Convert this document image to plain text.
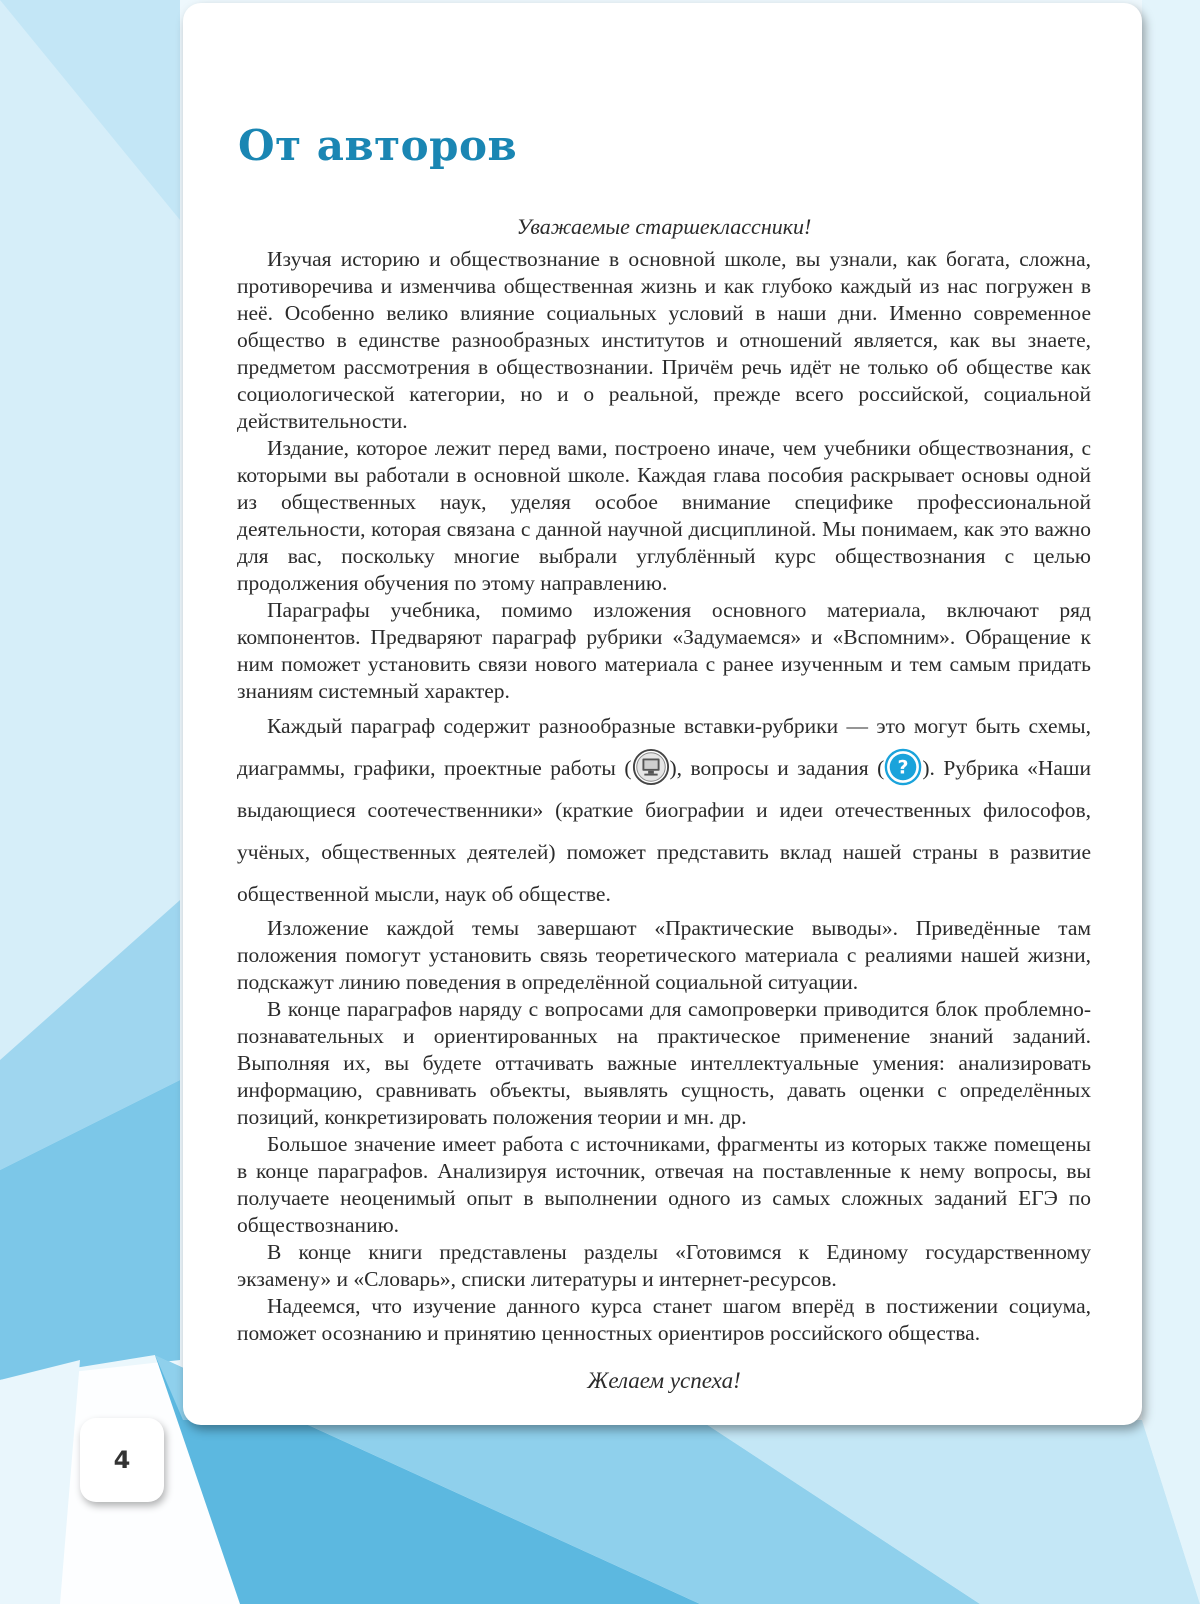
От авторов

Уважаемые старшеклассники!

Изучая историю и обществознание в основной школе, вы узнали, как богата, сложна, противоречива и изменчива общественная жизнь и как глубоко каждый из нас погружен в неё. Особенно велико влияние социальных условий в наши дни. Именно современное общество в единстве разнообразных институтов и отношений является, как вы знаете, предметом рассмотрения в обществознании. Причём речь идёт не только об обществе как социологической категории, но и о реальной, прежде всего российской, социальной действительности.

Издание, которое лежит перед вами, построено иначе, чем учебники обществознания, с которыми вы работали в основной школе. Каждая глава пособия раскрывает основы одной из общественных наук, уделяя особое внимание специфике профессиональной деятельности, которая связана с данной научной дисциплиной. Мы понимаем, как это важно для вас, поскольку многие выбрали углублённый курс обществознания с целью продолжения обучения по этому направлению.

Параграфы учебника, помимо изложения основного материала, включают ряд компонентов. Предваряют параграф рубрики «Задумаемся» и «Вспомним». Обращение к ним поможет установить связи нового материала с ранее изученным и тем самым придать знаниям системный характер.

Каждый параграф содержит разнообразные вставки-рубрики — это могут быть схемы, диаграммы, графики, проектные работы ( ), вопросы и задания ( ? ). Рубрика «Наши выдающиеся соотечественники» (краткие биографии и идеи отечественных философов, учёных, общественных деятелей) поможет представить вклад нашей страны в развитие общественной мысли, наук об обществе.

Изложение каждой темы завершают «Практические выводы». Приведённые там положения помогут установить связь теоретического материала с реалиями нашей жизни, подскажут линию поведения в определённой социальной ситуации.

В конце параграфов наряду с вопросами для самопроверки приводится блок проблемно-познавательных и ориентированных на практическое применение знаний заданий. Выполняя их, вы будете оттачивать важные интеллектуальные умения: анализировать информацию, сравнивать объекты, выявлять сущность, давать оценки с определённых позиций, конкретизировать положения теории и мн. др.

Большое значение имеет работа с источниками, фрагменты из которых также помещены в конце параграфов. Анализируя источник, отвечая на поставленные к нему вопросы, вы получаете неоценимый опыт в выполнении одного из самых сложных заданий ЕГЭ по обществознанию.

В конце книги представлены разделы «Готовимся к Единому государственному экзамену» и «Словарь», списки литературы и интернет-ресурсов.

Надеемся, что изучение данного курса станет шагом вперёд в постижении социума, поможет осознанию и принятию ценностных ориентиров российского общества.

Желаем успеха!

4
